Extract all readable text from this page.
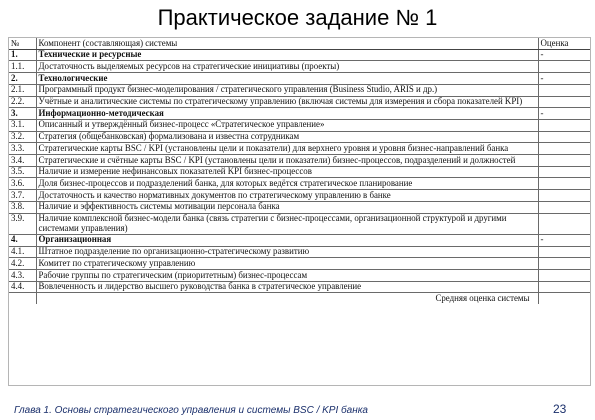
Практическое задание № 1
№	Компонент (составляющая) системы	Оценка
1.	Технические и ресурсные	-
1.1.	Достаточность выделяемых ресурсов на стратегические инициативы (проекты)	
2.	Технологические	-
2.1.	Программный продукт бизнес-моделирования / стратегического управления (Business Studio, ARIS и др.)	
2.2.	Учётные и аналитические системы по стратегическому управлению (включая системы для измерения и сбора показателей KPI)	
3.	Информационно-методическая	-
3.1.	Описанный и утверждённый бизнес-процесс «Стратегическое управление»	
3.2.	Стратегия (общебанковская) формализована и известна сотрудникам	
3.3.	Стратегические карты BSC / KPI (установлены цели и показатели) для верхнего уровня и уровня бизнес-направлений банка	
3.4.	Стратегические и счётные карты BSC / KPI (установлены цели и показатели) бизнес-процессов, подразделений и должностей	
3.5.	Наличие и измерение нефинансовых показателей KPI бизнес-процессов	
3.6.	Доля бизнес-процессов и подразделений банка, для которых ведётся стратегическое планирование	
3.7.	Достаточность и качество нормативных документов по стратегическому управлению в банке	
3.8.	Наличие и эффективность системы мотивации персонала банка	
3.9.	Наличие комплексной бизнес-модели банка (связь стратегии с бизнес-процессами, организационной структурой и другими системами управления)	
4.	Организационная	-
4.1.	Штатное подразделение по организационно-стратегическому развитию	
4.2.	Комитет по стратегическому управлению	
4.3.	Рабочие группы по стратегическим (приоритетным) бизнес-процессам	
4.4.	Вовлеченность и лидерство высшего руководства банка в стратегическое управление	
	Средняя оценка системы	
Глава 1. Основы стратегического управления и системы BSC / KPI банка	23
